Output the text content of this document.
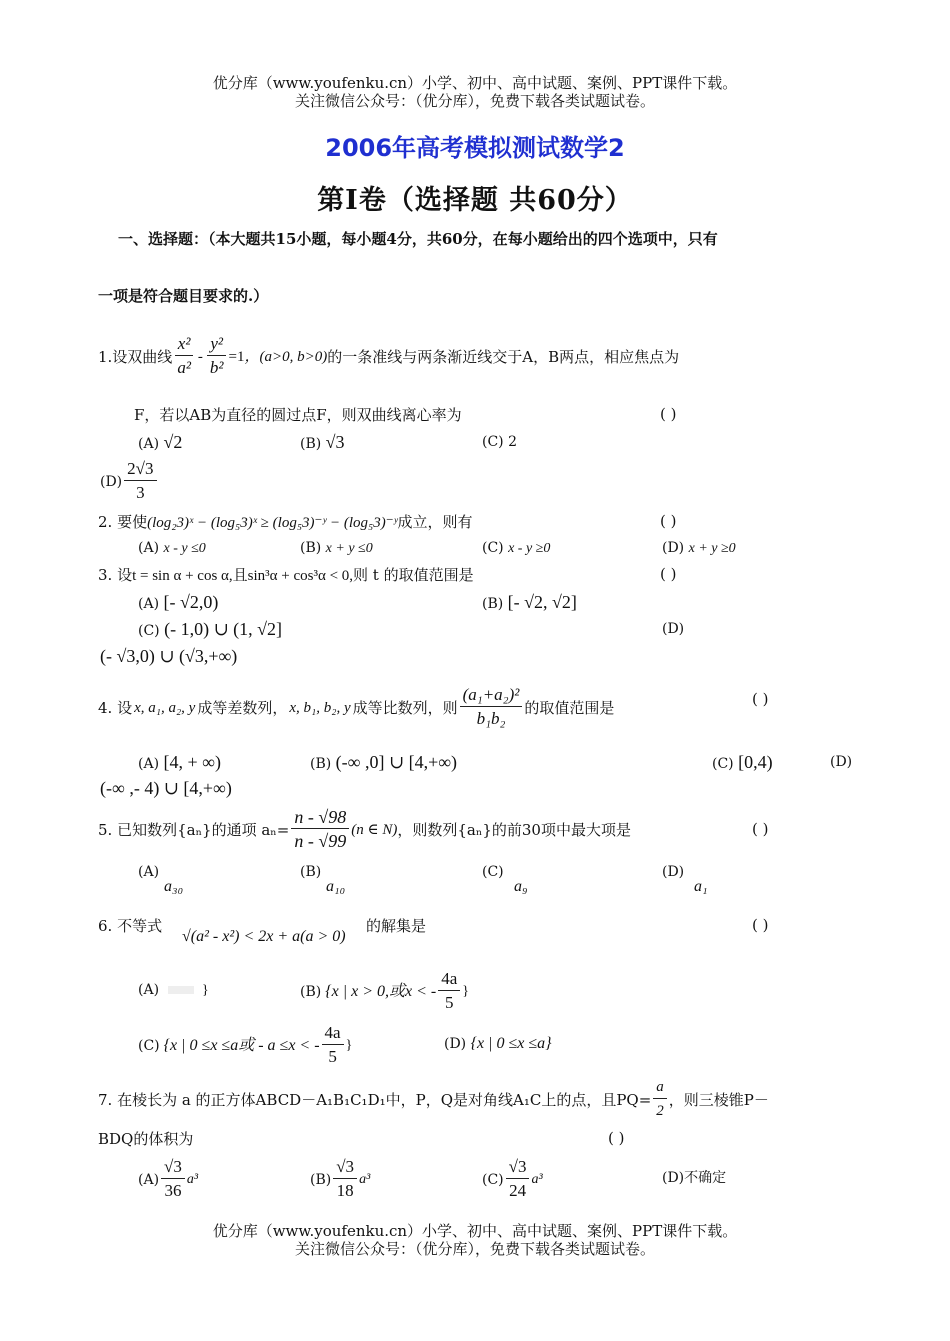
优分库（www.youfenku.cn）小学、初中、高中试题、案例、PPT课件下载。
关注微信公众号：（优分库），免费下载各类试题试卷。
2006年高考模拟测试数学2
第Ⅰ卷（选择题 共60分）
一、选择题：（本大题共15小题，每小题4分，共60分，在每小题给出的四个选项中，只有
一项是符合题目要求的.）
1.设双曲线 $\frac{\text{x²}}{\text{a²}} - \frac{\text{y²}}{\text{b²}} =1$ ，(a>0, b>0) 的一条准线与两条渐近线交于A，B两点，相应焦点为
F，若以AB为直径的圆过点F，则双曲线离心率为	( )
(A) √2	(B) √3	(C) 2
$(D) \frac{2√3}{3}$
2. 要使(log₂3)ˣ − (log₅3)ˣ ≥ (log₅3)⁻ʸ − (log₅3)⁻ʸ成立，则有	( )
(A) x - y ≤0	(B) x + y ≤0	(C) x - y ≥0	(D) x + y ≥0
3. 设t = sin α + cos α,且sin³α + cos³α < 0,则 t 的取值范围是	( )
(A) [- √2,0)	(B) [- √2, √2]
(C) (- 1,0) ∪ (1, √2]	(D)
(- √3,0) ∪ (√3,+∞)
4. 设 x, a₁, a₂, y 成等差数列， x, b₁, b₂, y 成等比数列，则 $\frac{\text{(a₁+a₂)²}}{\text{b₁b₂}}$ 的取值范围是	( )
(A) [4, + ∞)	(B) (-∞ ,0] ∪ [4,+∞)	(C) [0,4)	(D)
(-∞ ,- 4) ∪ [4,+∞)
5. 已知数列{aₙ}的通项 $a_n= \frac{n - √98}{n - √99} (n$ ∈ N) ，则数列{aₙ}的前30项中最大项是	( )
(A)
a₃₀
(B)
a₁₀
(C)
a₉
(D)
a₁
6. 不等式
√(a² - x²) < 2x + a(a > 0)
的解集是	( )
(A)	}	(B) {x | x > 0,或x < - $\frac{4a}{5}$ }
(C) {x | 0 ≤x ≤a或 - a ≤x < - $\frac{4a}{5}$ }	(D) {x | 0 ≤x ≤a}
7. 在棱长为 a 的正方体ABCD－A₁B₁C₁D₁中，P，Q是对角线A₁C上的点，且$PQ= \frac{a}{2}$ ，则三棱锥P－
BDQ的体积为	( )
$(A) \frac{√3}{36} a^3$	$(B) \frac{√3}{18} a^3$	$(C) \frac{√3}{24} a^3$	(D)不确定
优分库（www.youfenku.cn）小学、初中、高中试题、案例、PPT课件下载。
关注微信公众号：（优分库），免费下载各类试题试卷。
